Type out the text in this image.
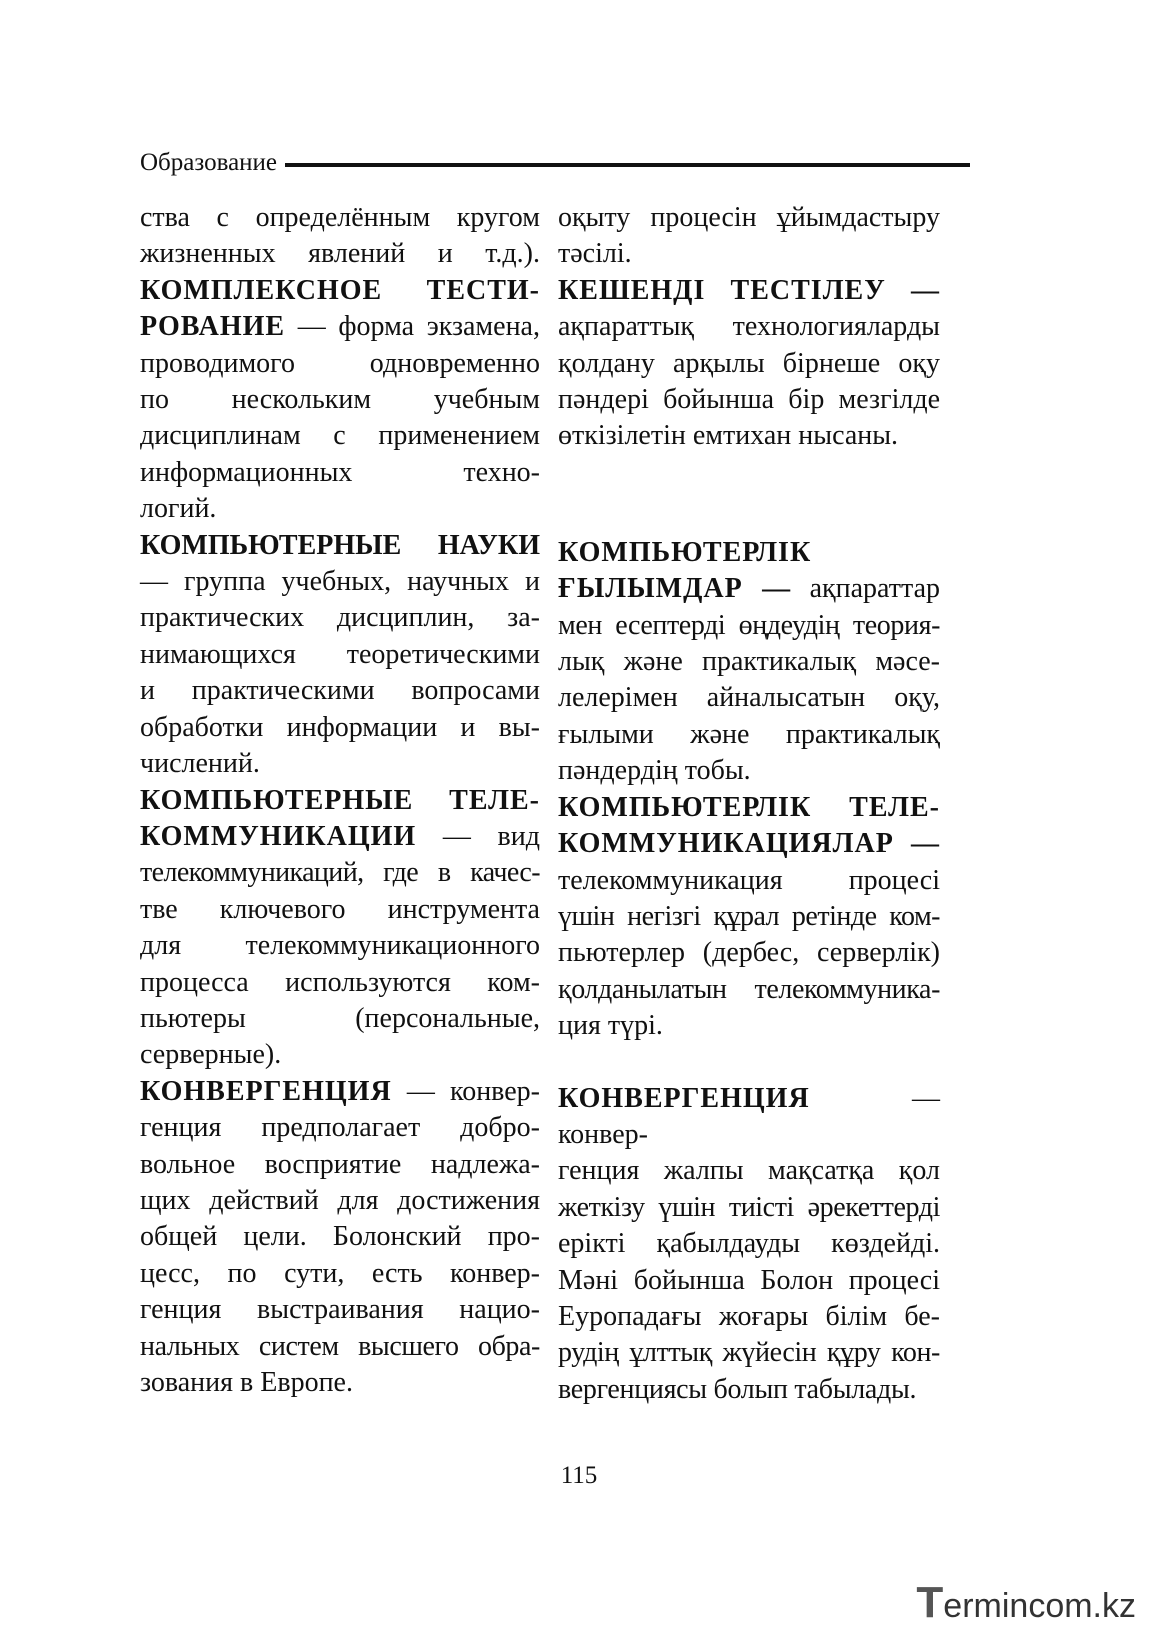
Образование
ства с определённым кругом
жизненных явлений и т.д.).
КОМПЛЕКСНОЕ ТЕСТИ-
РОВАНИЕ — форма экзамена,
проводимого одновременно
по нескольким учебным
дисциплинам с применением
информационных техно-
логий.
КОМПЬЮТЕРНЫЕ НАУКИ
— группа учебных, научных и
практических дисциплин, за-
нимающихся теоретическими
и практическими вопросами
обработки информации и вы-
числений.
КОМПЬЮТЕРНЫЕ ТЕЛЕ-
КОММУНИКАЦИИ — вид
телекоммуникаций, где в качес-
тве ключевого инструмента
для телекоммуникационного
процесса используются ком-
пьютеры (персональные,
серверные).
КОНВЕРГЕНЦИЯ — конвер-
генция предполагает добро-
вольное восприятие надлежа-
щих действий для достижения
общей цели. Болонский про-
цесс, по сути, есть конвер-
генция выстраивания нацио-
нальных систем высшего обра-
зования в Европе.
оқыту процесін ұйымдастыру
тәсілі.
КЕШЕНДІ ТЕСТІЛЕУ —
ақпараттық технологияларды
қолдану арқылы бірнеше оқу
пәндері бойынша бір мезгілде
өткізілетін емтихан нысаны.
КОМПЬЮТЕРЛІК
ҒЫЛЫМДАР — ақпараттар
мен есептерді өңдеудің теория-
лық және практикалық мәсе-
лелерімен айналысатын оқу,
ғылыми және практикалық
пәндердің тобы.
КОМПЬЮТЕРЛІК ТЕЛЕ-
КОММУНИКАЦИЯЛАР —
телекоммуникация процесі
үшін негізгі құрал ретінде ком-
пьютерлер (дербес, серверлік)
қолданылатын телекоммуника-
ция түрі.
КОНВЕРГЕНЦИЯ — конвер-
генция жалпы мақсатқа қол
жеткізу үшін тиісті әрекеттерді
ерікті қабылдауды көздейді.
Мәні бойынша Болон процесі
Еуропадағы жоғары білім бе-
рудің ұлттық жүйесін құру кон-
вергенциясы болып табылады.
115
T ermincom.kz
